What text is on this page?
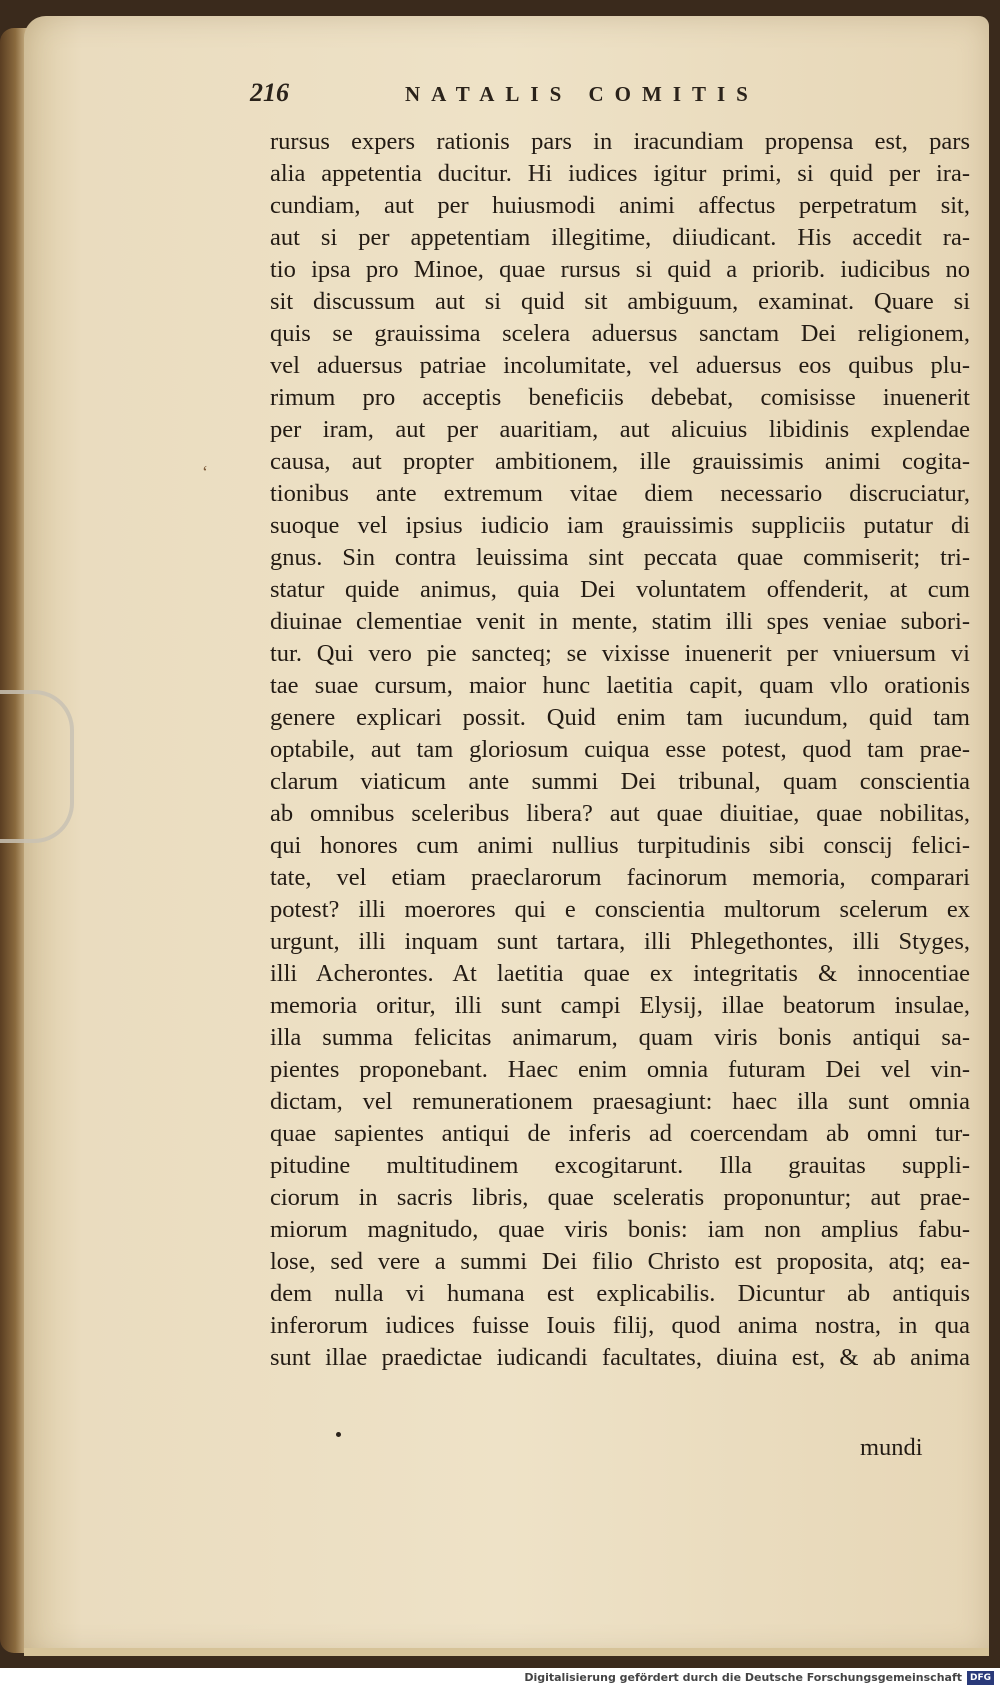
216	NATALIS COMITIS
ʻ
rursus expers rationis pars in iracundiam propensa est, pars
alia appetentia ducitur. Hi iudices igitur primi, si quid per ira-
cundiam, aut per huiusmodi animi affectus perpetratum sit,
aut si per appetentiam illegitime, diiudicant. His accedit ra-
tio ipsa pro Minoe, quae rursus si quid a priorib. iudicibus no
sit discussum aut si quid sit ambiguum, examinat. Quare si
quis se grauissima scelera aduersus sanctam Dei religionem,
vel aduersus patriae incolumitate, vel aduersus eos quibus plu-
rimum pro acceptis beneficiis debebat, comisisse inuenerit
per iram, aut per auaritiam, aut alicuius libidinis explendae
causa, aut propter ambitionem, ille grauissimis animi cogita-
tionibus ante extremum vitae diem necessario discruciatur,
suoque vel ipsius iudicio iam grauissimis suppliciis putatur di
gnus. Sin contra leuissima sint peccata quae commiserit; tri-
statur quide animus, quia Dei voluntatem offenderit, at cum
diuinae clementiae venit in mente, statim illi spes veniae subori-
tur. Qui vero pie sancteq; se vixisse inuenerit per vniuersum vi
tae suae cursum, maior hunc laetitia capit, quam vllo orationis
genere explicari possit. Quid enim tam iucundum, quid tam
optabile, aut tam gloriosum cuiqua esse potest, quod tam prae-
clarum viaticum ante summi Dei tribunal, quam conscientia
ab omnibus sceleribus libera? aut quae diuitiae, quae nobilitas,
qui honores cum animi nullius turpitudinis sibi conscij felici-
tate, vel etiam praeclarorum facinorum memoria, comparari
potest? illi moerores qui e conscientia multorum scelerum ex
urgunt, illi inquam sunt tartara, illi Phlegethontes, illi Styges,
illi Acherontes. At laetitia quae ex integritatis & innocentiae
memoria oritur, illi sunt campi Elysij, illae beatorum insulae,
illa summa felicitas animarum, quam viris bonis antiqui sa-
pientes proponebant. Haec enim omnia futuram Dei vel vin-
dictam, vel remunerationem praesagiunt: haec illa sunt omnia
quae sapientes antiqui de inferis ad coercendam ab omni tur-
pitudine multitudinem excogitarunt. Illa grauitas suppli-
ciorum in sacris libris, quae sceleratis proponuntur; aut prae-
miorum magnitudo, quae viris bonis: iam non amplius fabu-
lose, sed vere a summi Dei filio Christo est proposita, atq; ea-
dem nulla vi humana est explicabilis. Dicuntur ab antiquis
inferorum iudices fuisse Iouis filij, quod anima nostra, in qua
sunt illae praedictae iudicandi facultates, diuina est, & ab anima
mundi
Digitalisierung gefördert durch die Deutsche Forschungsgemeinschaft DFG
